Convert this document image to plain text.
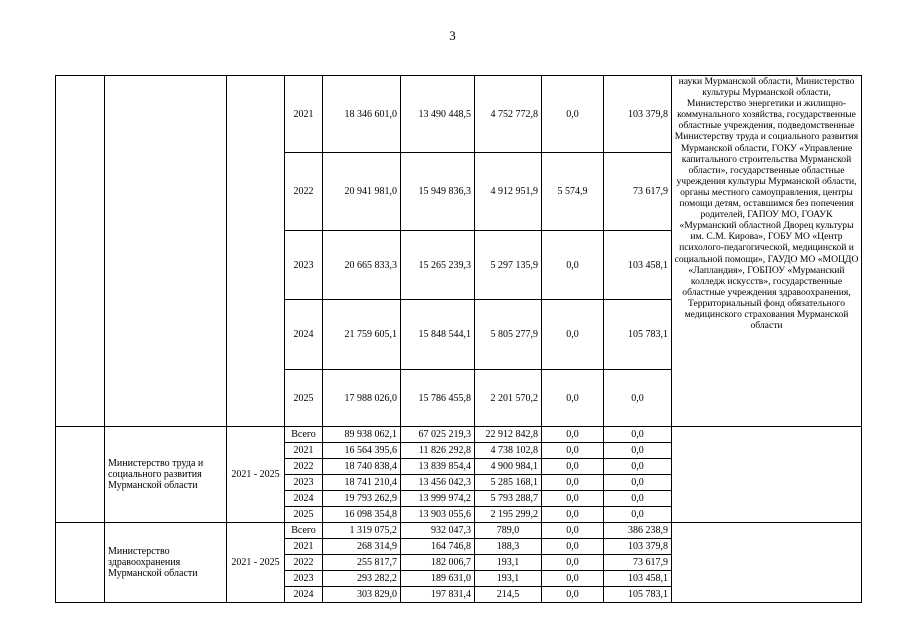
3
			2021	18 346 601,0	13 490 448,5	4 752 772,8	0,0	103 379,8	науки Мурманской области, Министерство культуры Мурманской области, Министерство энергетики и жилищно-коммунального хозяйства, государственные областные учреждения, подведомственные Министерству труда и социального развития Мурманской области, ГОКУ «Управление капитального строительства Мурманской области», государственные областные учреждения культуры Мурманской области, органы местного самоуправления, центры помощи детям, оставшимся без попечения родителей, ГАПОУ МО, ГОАУК «Мурманский областной Дворец культуры им. С.М. Кирова», ГОБУ МО «Центр психолого-педагогической, медицинской и социальной помощи», ГАУДО МО «МОЦДО «Лапландия», ГОБПОУ «Мурманский колледж искусств», государственные областные учреждения здравоохранения, Территориальный фонд обязательного медицинского страхования Мурманской области
			2022	20 941 981,0	15 949 836,3	4 912 951,9	5 574,9	73 617,9	
			2023	20 665 833,3	15 265 239,3	5 297 135,9	0,0	103 458,1	
			2024	21 759 605,1	15 848 544,1	5 805 277,9	0,0	105 783,1	
			2025	17 988 026,0	15 786 455,8	2 201 570,2	0,0	0,0	
	Министерство труда и социального развития Мурманской области	2021 - 2025	Всего	89 938 062,1	67 025 219,3	22 912 842,8	0,0	0,0	
			2021	16 564 395,6	11 826 292,8	4 738 102,8	0,0	0,0	
			2022	18 740 838,4	13 839 854,4	4 900 984,1	0,0	0,0	
			2023	18 741 210,4	13 456 042,3	5 285 168,1	0,0	0,0	
			2024	19 793 262,9	13 999 974,2	5 793 288,7	0,0	0,0	
			2025	16 098 354,8	13 903 055,6	2 195 299,2	0,0	0,0	
	Министерство здравоохранения Мурманской области	2021 - 2025	Всего	1 319 075,2	932 047,3	789,0	0,0	386 238,9	
			2021	268 314,9	164 746,8	188,3	0,0	103 379,8	
			2022	255 817,7	182 006,7	193,1	0,0	73 617,9	
			2023	293 282,2	189 631,0	193,1	0,0	103 458,1	
			2024	303 829,0	197 831,4	214,5	0,0	105 783,1	
